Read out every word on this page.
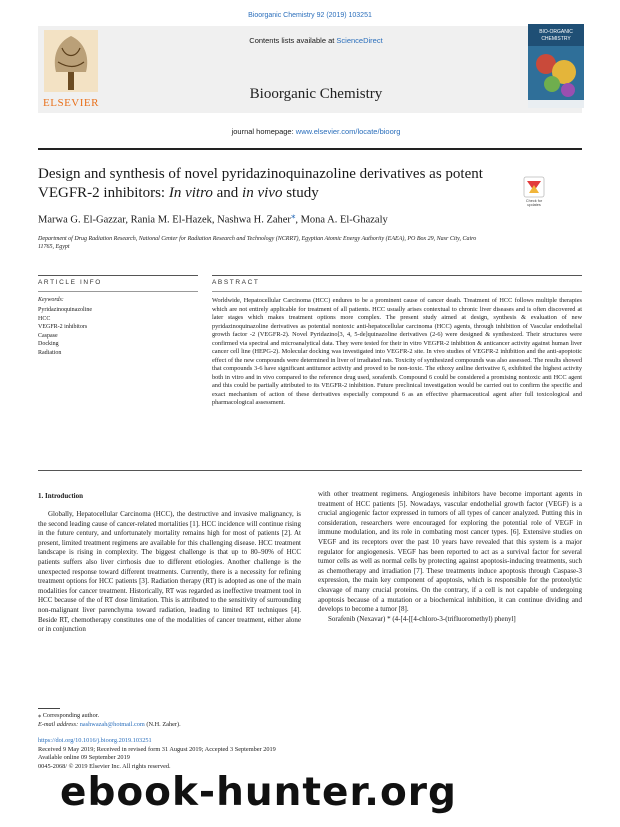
Bioorganic Chemistry 92 (2019) 103251
ELSEVIER
Contents lists available at ScienceDirect
Bioorganic Chemistry
journal homepage: www.elsevier.com/locate/bioorg
BIO-ORGANIC
CHEMISTRY
Design and synthesis of novel pyridazinoquinazoline derivatives as potent
VEGFR-2 inhibitors: In vitro and in vivo study	Check for
updates
Marwa G. El-Gazzar, Rania M. El-Hazek, Nashwa H. Zaher⁎, Mona A. El-Ghazaly
Department of Drug Radiation Research, National Center for Radiation Research and Technology (NCRRT), Egyptian Atomic Energy Authority (EAEA), PO Box 29, Nasr City, Cairo 11765, Egypt
ARTICLE INFO	ABSTRACT
Keywords:
Pyridazinoquinazoline
HCC
VEGFR-2 inhibitors
Caspase
Docking
Radiation
Worldwide, Hepatocellular Carcinoma (HCC) endures to be a prominent cause of cancer death. Treatment of HCC follows multiple therapies which are not entirely applicable for treatment of all patients. HCC usually arises contextual to chronic liver diseases and is often discovered at later stages which makes treatment options more complex. The present study aimed at design, synthesis & evaluation of new pyridazinoquinazoline derivatives as potential nontoxic anti-hepatocellular carcinoma (HCC) agents, through inhibition of Vascular endothelial growth factor -2 (VEGFR-2). Novel Pyridazino[3, 4, 5-de]quinazoline derivatives (2-6) were designed & synthesized. Their structures were confirmed via spectral and microanalytical data. They were tested for their in vitro VEGFR-2 inhibition & anticancer activity against human liver cancer cell line (HEPG-2). Molecular docking was investigated into VEGFR-2 site. In vivo studies of VEGFR-2 inhibition and the anti-apoptotic effect of the new compounds were determined in liver of irradiated rats. Toxicity of synthesized compounds was also assessed. The results showed that compounds 3-6 have significant antitumor activity and proved to be non-toxic. The ethoxy aniline derivative 6, exhibited the highest activity both in vitro and in vivo compared to the reference drug used, sorafenib. Compound 6 could be considered a promising nontoxic anti HCC agent and this could be partially attributed to its VEGFR-2 inhibition. Future preclinical investigation would be carried out to confirm the specific and exact mechanism of action of these derivatives especially compound 6 as an effective pharmaceutical agent after full toxicological and pharmacological assessment.
1. Introduction

Globally, Hepatocellular Carcinoma (HCC), the destructive and invasive malignancy, is the second leading cause of cancer-related mortalities [1]. HCC incidence will continue rising in the future century, and unfortunately mortality remains high for most of patients [2]. At present, limited treatment regimens are available for this challenging disease. HCC treatment landscape is rising in complexity. The biggest challenge is that up to 80–90% of HCC patients suffers also liver cirrhosis due to different etiologies. Another challenge is the unexpected response toward different treatments. Currently, there is a necessity for refining treatment options for HCC patients [3]. Radiation therapy (RT) is adopted as one of the main modalities for cancer treatment. Historically, RT was regarded as ineffective treatment tool in HCC because of the of RT dose limitation. This is attributed to the sensitivity of surrounding non-malignant liver parenchyma toward radiation, leading to limited RT techniques [4]. Beside RT, chemotherapy constitutes one of the modalities of cancer treatment, either alone or in conjunction

with other treatment regimens. Angiogenesis inhibitors have become important agents in treatment of HCC patients [5]. Nowadays, vascular endothelial growth factor (VEGF) is a crucial angiogenic factor expressed in tumors of all types of cancer analyzed. Putting this in consideration, researchers were encouraged for exploring the potential role of VEGF in immune modulation, and its role in combating most cancer types. [6]. Extensive studies on VEGF and its receptors over the past 10 years have revealed that this system is a major regulator for angiogenesis. VEGF has been reported to act as a survival factor for several tumor cells as well as normal cells by protecting against apoptosis-inducing treatments, such as chemotherapy and irradiation [7]. These treatments induce apoptosis through Caspase-3 expression, the main key component of apoptosis, which is responsible for the proteolytic cleavage of many crucial proteins. On the contrary, if a cell is not capable of undergoing apoptosis because of a mutation or a biochemical inhibition, it can continue dividing and develops to become a tumor [8].

Sorafenib (Nexavar) * (4-[4-[[4-chloro-3-(trifluoromethyl) phenyl]

⁎ Corresponding author.
E-mail address: nashwazah@hotmail.com (N.H. Zaher).
https://doi.org/10.1016/j.bioorg.2019.103251
Received 9 May 2019; Received in revised form 31 August 2019; Accepted 3 September 2019
Available online 09 September 2019
0045-2068/ © 2019 Elsevier Inc. All rights reserved.
ebook-hunter.org
